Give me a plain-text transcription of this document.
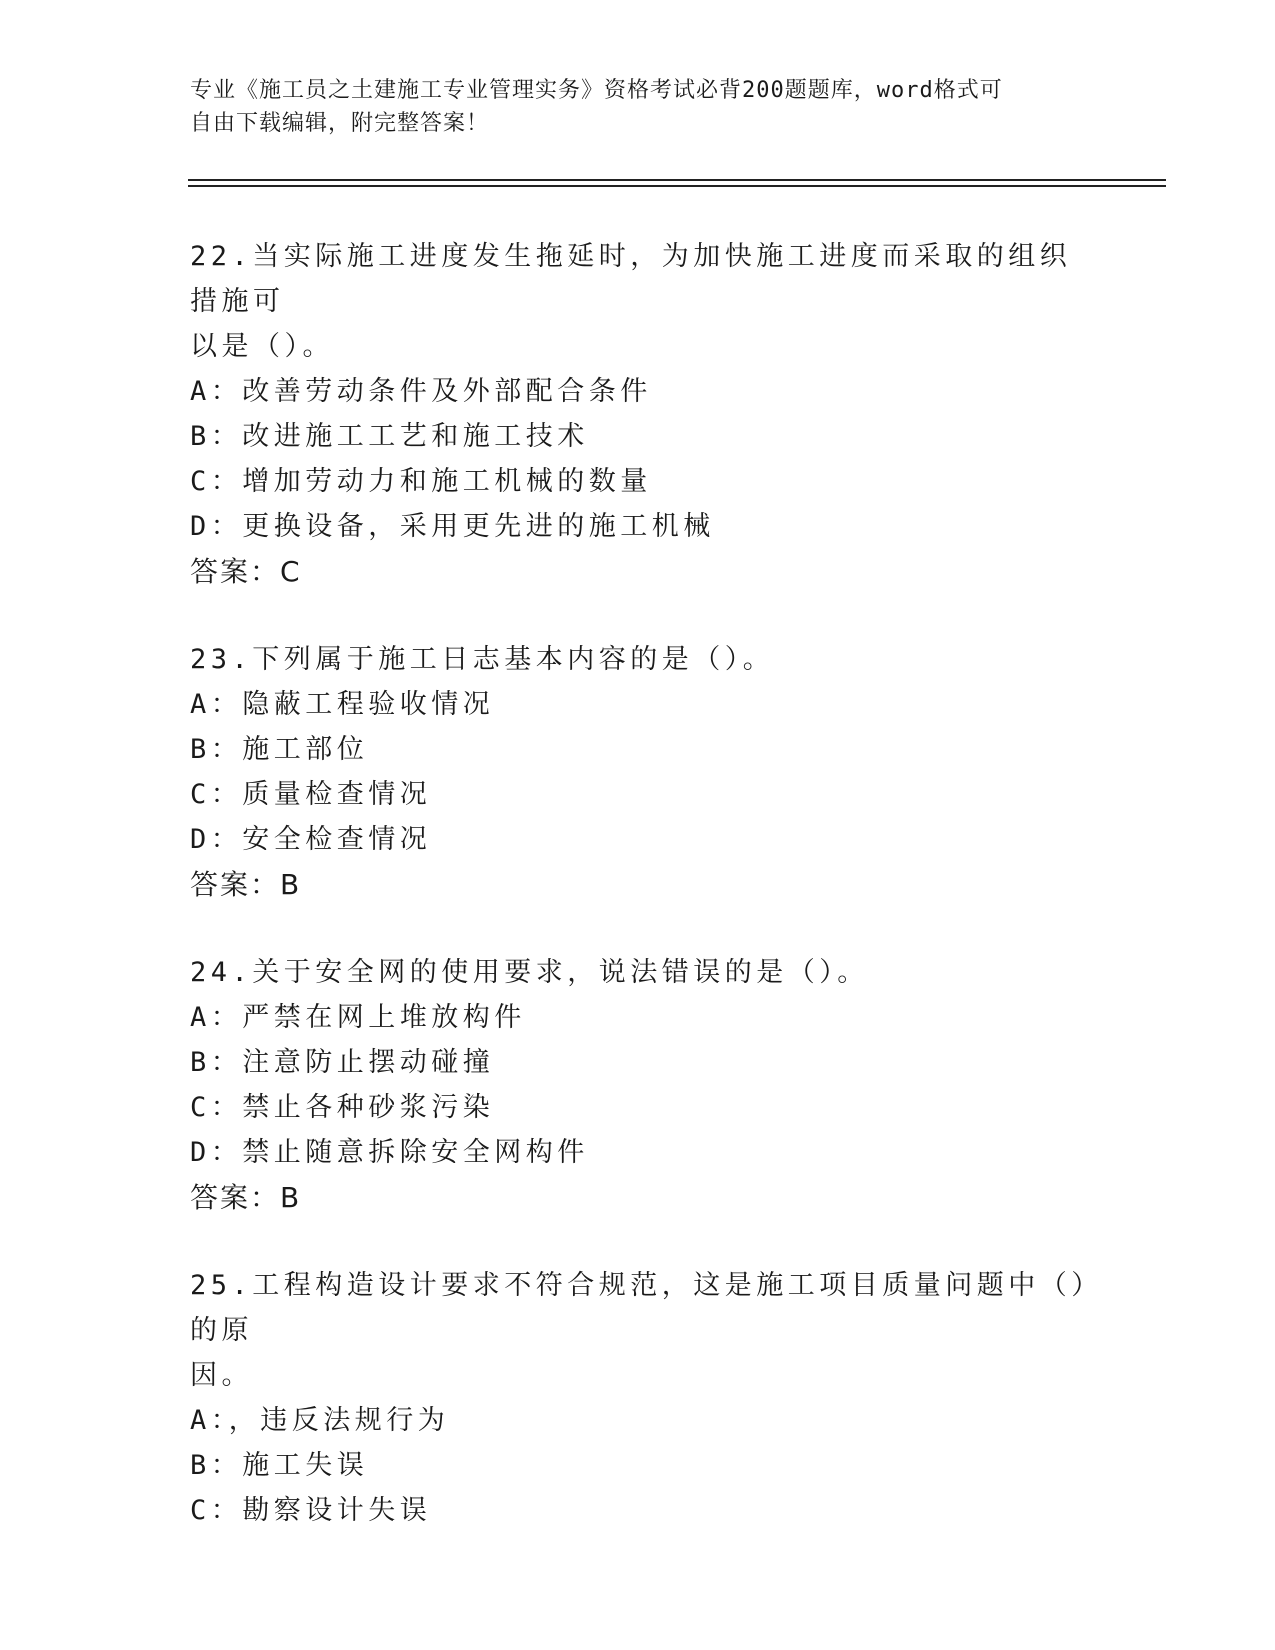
专业《施工员之土建施工专业管理实务》资格考试必背200题题库，word格式可
自由下载编辑，附完整答案！
22.当实际施工进度发生拖延时，为加快施工进度而采取的组织措施可
以是（）。
A：改善劳动条件及外部配合条件
B：改进施工工艺和施工技术
C：增加劳动力和施工机械的数量
D：更换设备，采用更先进的施工机械
答案：C
23.下列属于施工日志基本内容的是（）。
A：隐蔽工程验收情况
B：施工部位
C：质量检查情况
D：安全检查情况
答案：B
24.关于安全网的使用要求，说法错误的是（）。
A：严禁在网上堆放构件
B：注意防止摆动碰撞
C：禁止各种砂浆污染
D：禁止随意拆除安全网构件
答案：B
25.工程构造设计要求不符合规范，这是施工项目质量问题中（）的原
因。
A：，违反法规行为
B：施工失误
C：勘察设计失误
